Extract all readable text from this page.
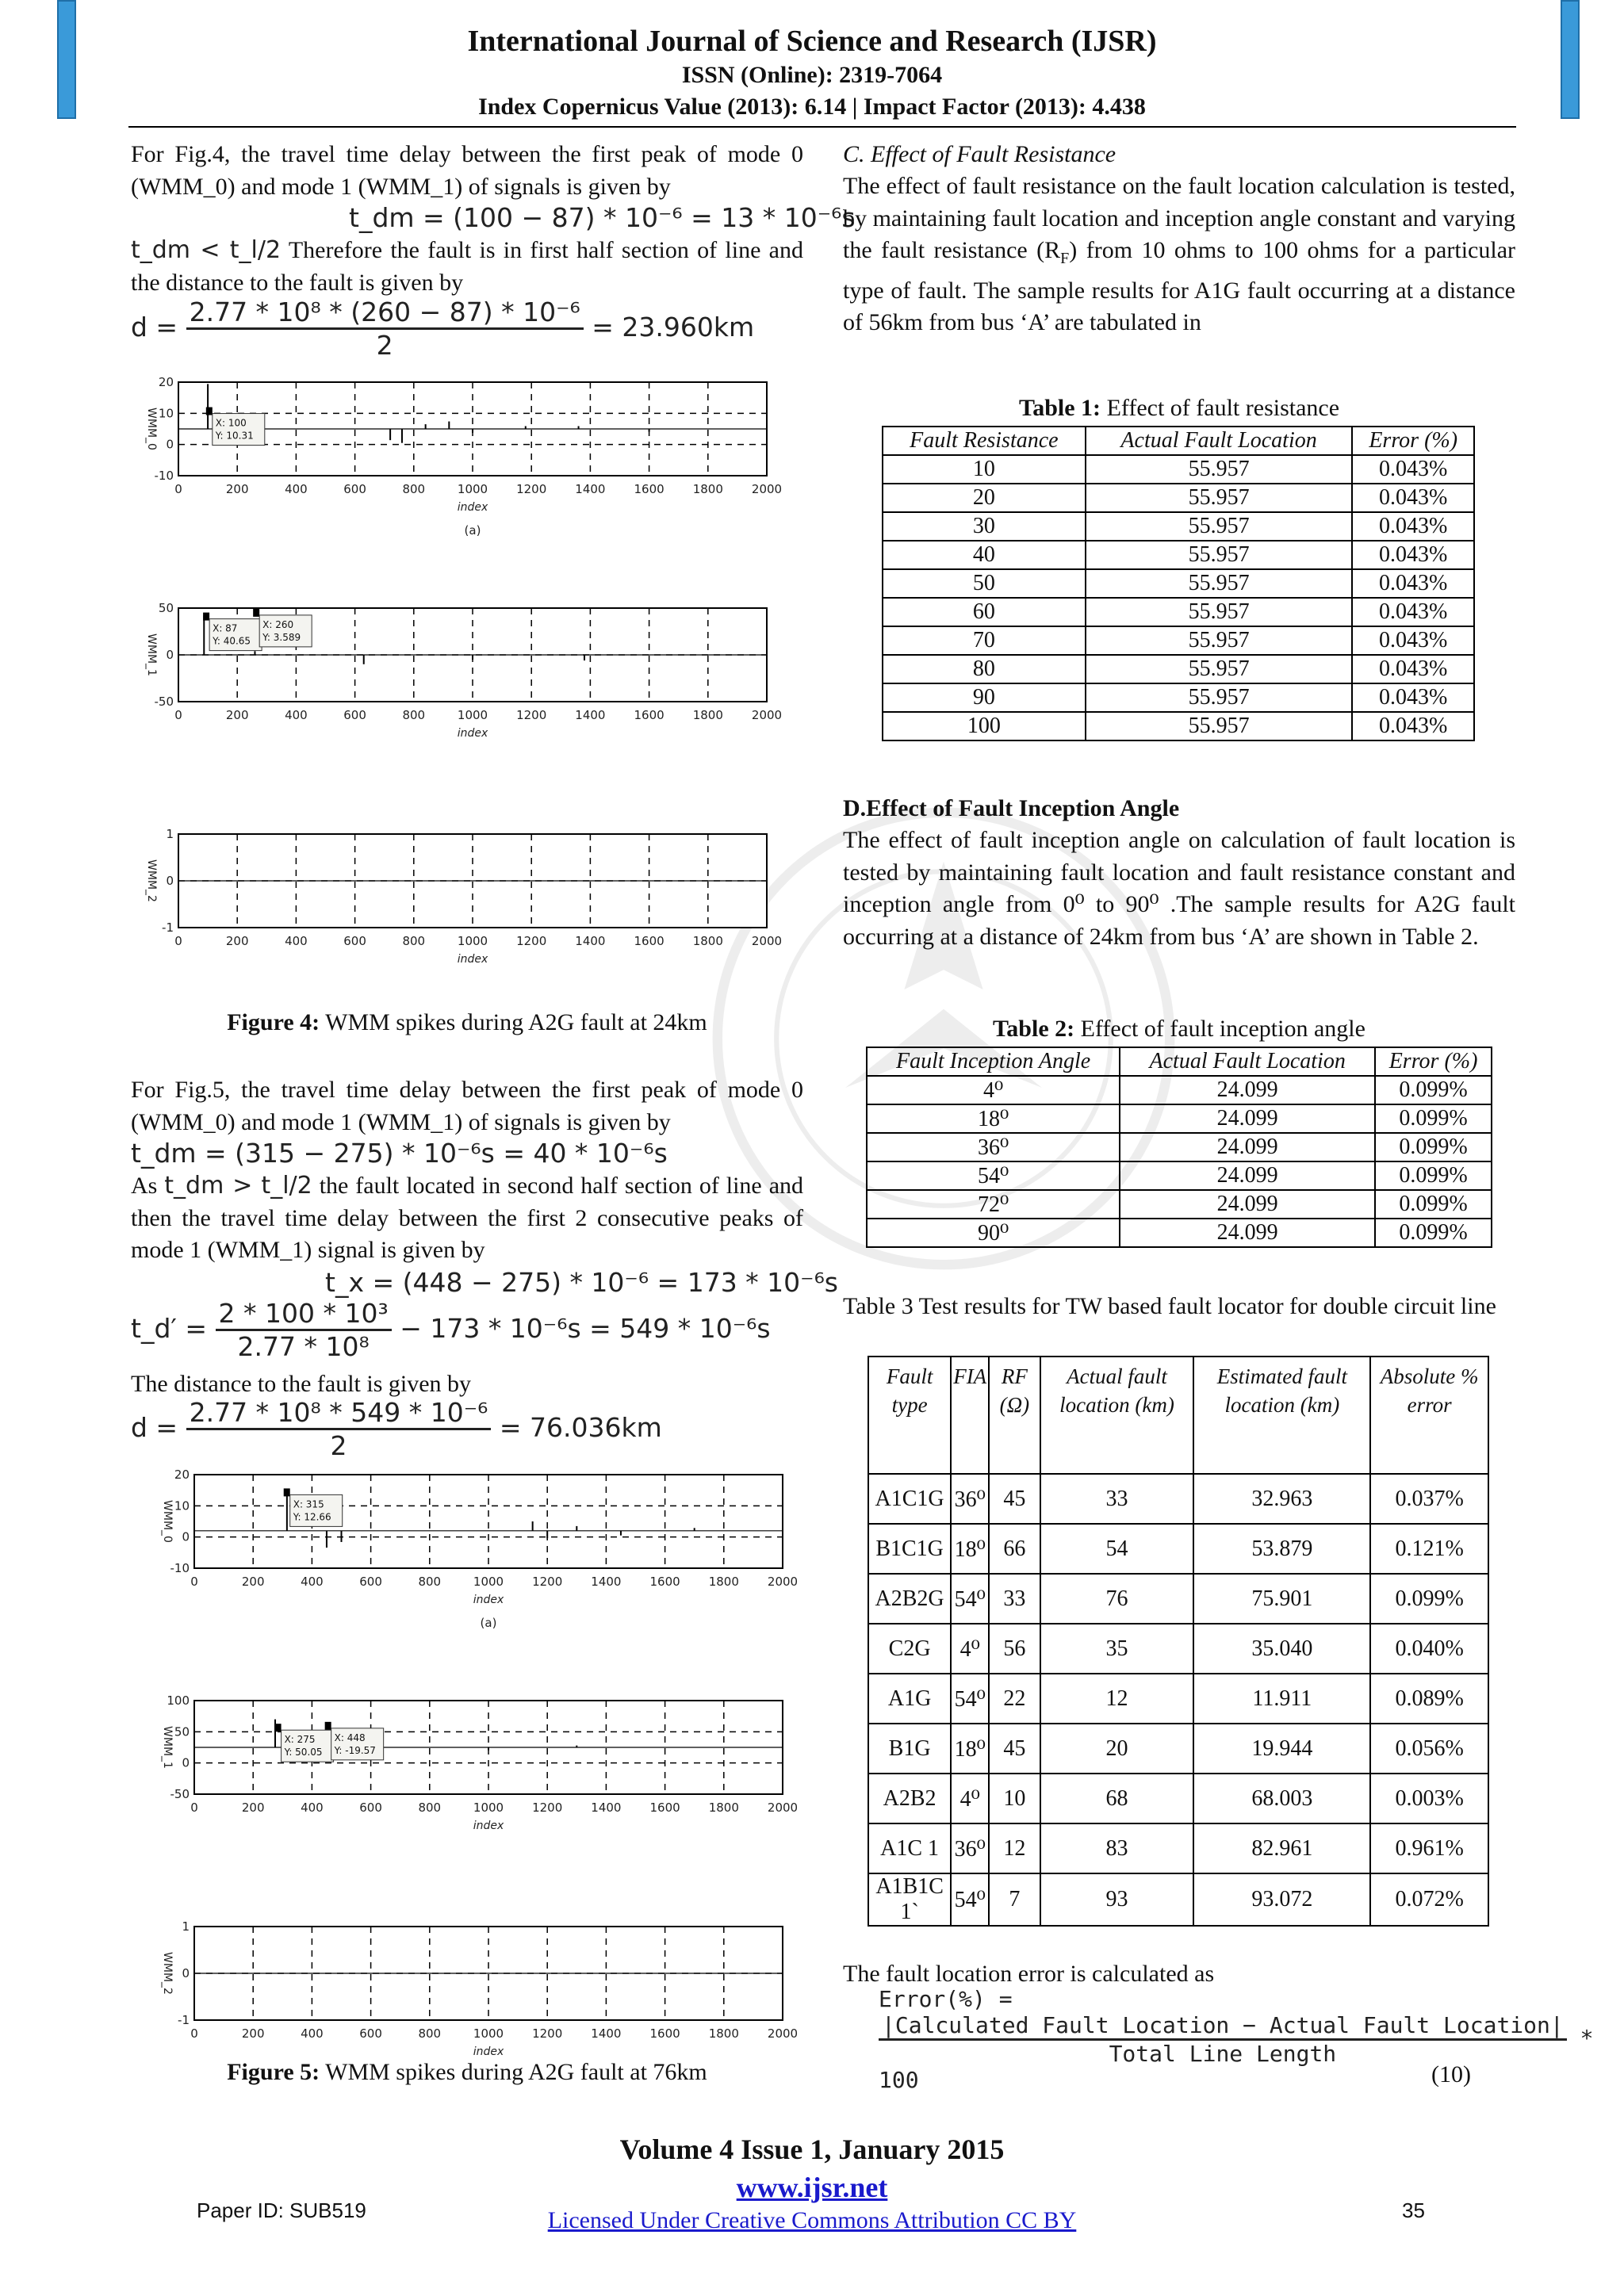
International Journal of Science and Research (IJSR)
ISSN (Online): 2319-7064
Index Copernicus Value (2013): 6.14 | Impact Factor (2013): 4.438
For Fig.4, the travel time delay between the first peak of mode 0 (WMM_0) and mode 1 (WMM_1) of signals is given by
t_dm = (100 − 87) * 10⁻⁶ = 13 * 10⁻⁶s
t_dm < t_l/2 Therefore the fault is in first half section of line and the distance to the fault is given by
$d = \frac{\text{2.77 * 10⁸ * (260 − 87) * 10⁻⁶}}{2} = 23.960km$
20
10
0
-10
WMM_0
0	200	400	600	800	1000 1200 1400 1600 1800 2000
index
(a)
X: 100
Y: 10.31
50
0
-50
WMM_1
0	200	400	600	800	1000 1200 1400 1600 1800 2000
index
X: 87
Y: 40.65
X: 260
Y: 3.589
1
0
-1
WMM_2
0	200	400	600	800	1000 1200 1400 1600 1800 2000
index
Figure 4: WMM spikes during A2G fault at 24km
For Fig.5, the travel time delay between the first peak of mode 0 (WMM_0) and mode 1 (WMM_1) of signals is given by
t_dm = (315 − 275) * 10⁻⁶s = 40 * 10⁻⁶s
As t_dm > t_l/2 the fault located in second half section of line and then the travel time delay between the first 2 consecutive peaks of mode 1 (WMM_1) signal is given by
t_x = (448 − 275) * 10⁻⁶ = 173 * 10⁻⁶s
t_d′ = $\frac{\text{2 * 100 * 10³}}{\text{2.77 * 10⁸}} - 173 * 10^{-6}s = 549 * 10^{-6}s$
The distance to the fault is given by
$d = \frac{\text{2.77 * 10⁸ * 549 * 10⁻⁶}}{2} = 76.036km$
20
10
0
-10
WMM_0
0	200	400	600	800	1000 1200 1400 1600 1800 2000
index
(a)
X: 315
Y: 12.66
100
50
0
-50
WMM_1
0	200	400	600	800	1000 1200 1400 1600 1800 2000
index
X: 275
Y: 50.05
X: 448
Y: -19.57
1
0
-1
WMM_2
0	200	400	600	800	1000 1200 1400 1600 1800 2000
index
Figure 5: WMM spikes during A2G fault at 76km
C. Effect of Fault Resistance
The effect of fault resistance on the fault location calculation is tested, by maintaining fault location and inception angle constant and varying the fault resistance $(R_F)$ from 10 ohms to 100 ohms for a particular type of fault. The sample results for A1G fault occurring at a distance of 56km from bus ‘A’ are tabulated in
Table 1: Effect of fault resistance
Fault Resistance	Actual Fault Location	Error (%)
10	55.957	0.043%
20	55.957	0.043%
30	55.957	0.043%
40	55.957	0.043%
50	55.957	0.043%
60	55.957	0.043%
70	55.957	0.043%
80	55.957	0.043%
90	55.957	0.043%
100	55.957	0.043%
D.Effect of Fault Inception Angle
The effect of fault inception angle on calculation of fault location is tested by maintaining fault location and fault resistance constant and inception angle from 0⁰ to 90⁰ .The sample results for A2G fault occurring at a distance of 24km from bus ‘A’ are shown in Table 2.
Table 2: Effect of fault inception angle
Fault Inception Angle	Actual Fault Location	Error (%)
4⁰	24.099	0.099%
18⁰	24.099	0.099%
36⁰	24.099	0.099%
54⁰	24.099	0.099%
72⁰	24.099	0.099%
90⁰	24.099	0.099%
Table 3 Test results for TW based fault locator for double circuit line
Fault type	FIA	RF (Ω)	Actual fault location (km)	Estimated fault location (km)	Absolute % error
A1C1G	36⁰	45	33	32.963	0.037%
B1C1G	18⁰	66	54	53.879	0.121%
A2B2G	54⁰	33	76	75.901	0.099%
C2G	4⁰	56	35	35.040	0.040%
A1G	54⁰	22	12	11.911	0.089%
B1G	18⁰	45	20	19.944	0.056%
A2B2	4⁰	10	68	68.003	0.003%
A1C 1	36⁰	12	83	82.961	0.961%
A1B1C 1`	54⁰	7	93	93.072	0.072%
The fault location error is calculated as
Error(%) =
$\frac{\text{|Calculated Fault Location − Actual Fault Location|}}{\text{Total Line Length}} * 100$	(10)
Volume 4 Issue 1, January 2015
www.ijsr.net
Licensed Under Creative Commons Attribution CC BY
Paper ID: SUB519	35
